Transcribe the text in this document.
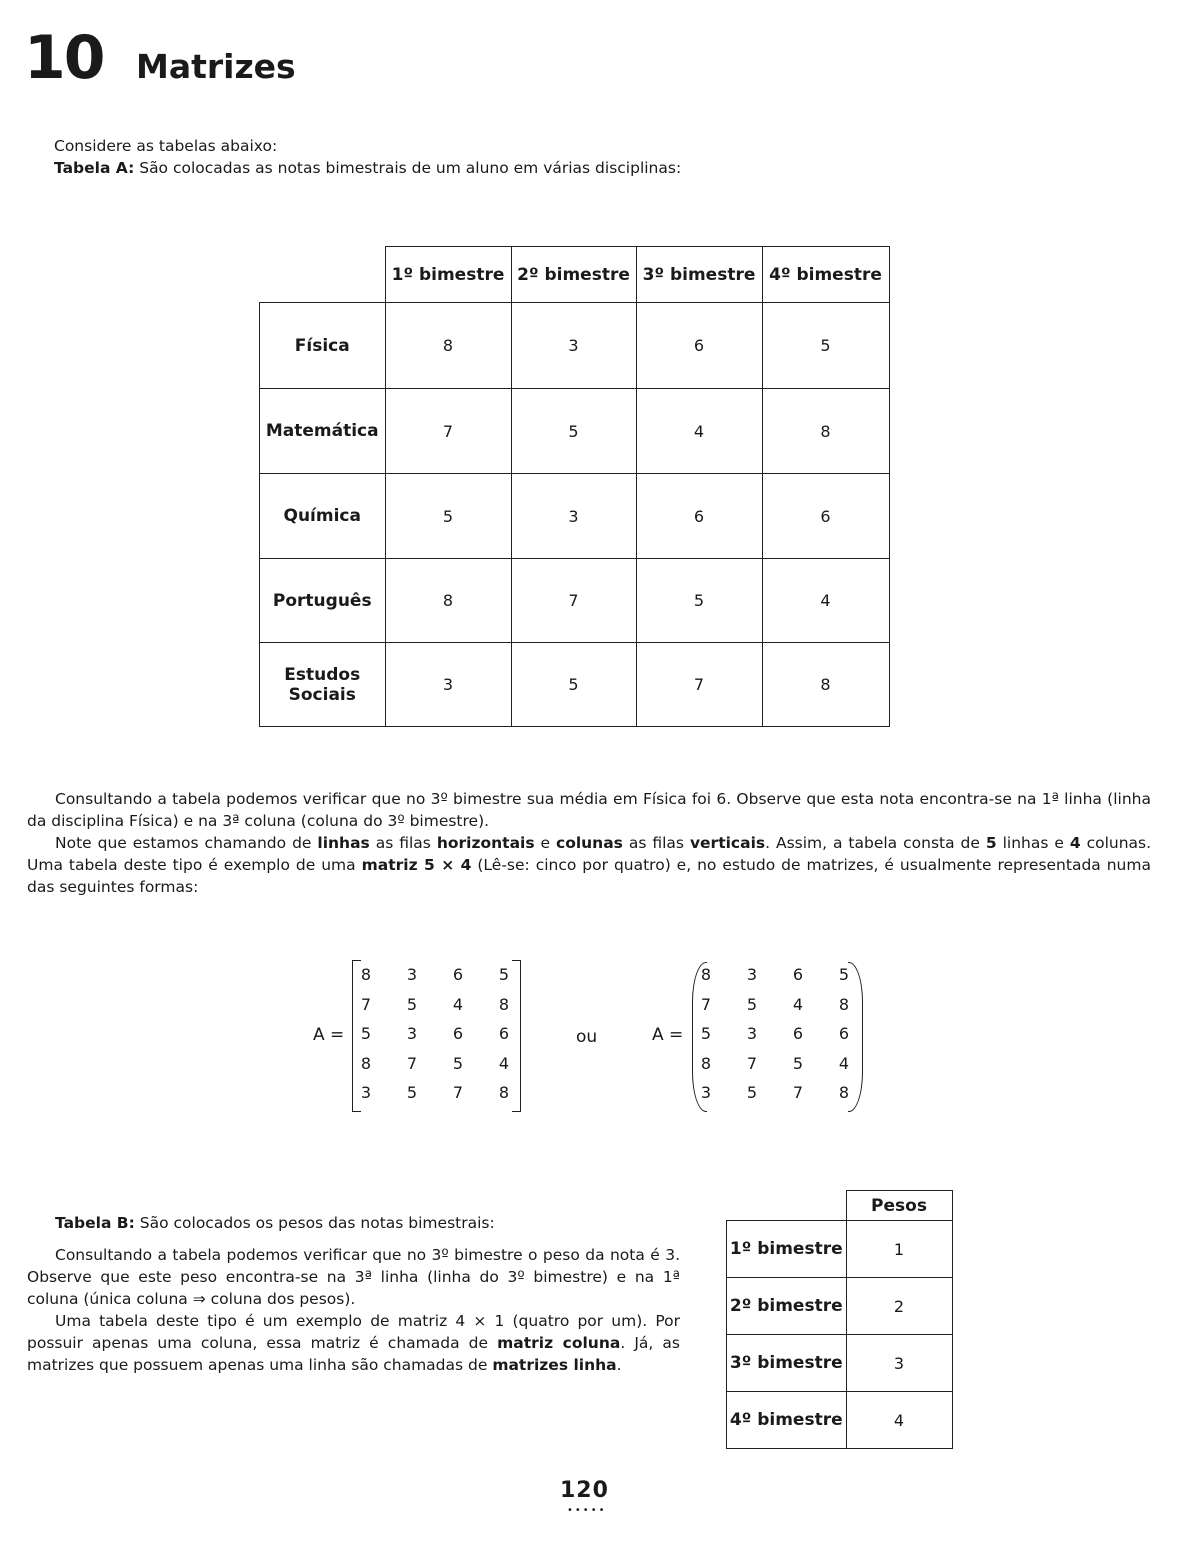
10 Matrizes
Considere as tabelas abaixo:
Tabela A: São colocadas as notas bimestrais de um aluno em várias disciplinas:
	1º bimestre	2º bimestre	3º bimestre	4º bimestre
Física	8	3	6	5
Matemática	7	5	4	8
Química	5	3	6	6
Português	8	7	5	4
Estudos Sociais	3	5	7	8
Consultando a tabela podemos verificar que no 3º bimestre sua média em Física foi 6. Observe que esta nota encontra-se na 1ª linha (linha da disciplina Física) e na 3ª coluna (coluna do 3º bimestre).
Note que estamos chamando de linhas as filas horizontais e colunas as filas verticais. Assim, a tabela consta de 5 linhas e 4 colunas. Uma tabela deste tipo é exemplo de uma matriz 5 × 4 (Lê-se: cinco por quatro) e, no estudo de matrizes, é usualmente representada numa das seguintes formas:
A =
8	3	6	5
7	5	4	8
5	3	6	6
8	7	5	4
3	5	7	8
ou	A =
8	3	6	5
7	5	4	8
5	3	6	6
8	7	5	4
3	5	7	8
Tabela B: São colocados os pesos das notas bimestrais:
Consultando a tabela podemos verificar que no 3º bimestre o peso da nota é 3. Observe que este peso encontra-se na 3ª linha (linha do 3º bimestre) e na 1ª coluna (única coluna ⇒ coluna dos pesos).
Uma tabela deste tipo é um exemplo de matriz 4 × 1 (quatro por um). Por possuir apenas uma coluna, essa matriz é chamada de matriz coluna. Já, as matrizes que possuem apenas uma linha são chamadas de matrizes linha.
	Pesos
1º bimestre	1
2º bimestre	2
3º bimestre	3
4º bimestre	4
120
•••••
